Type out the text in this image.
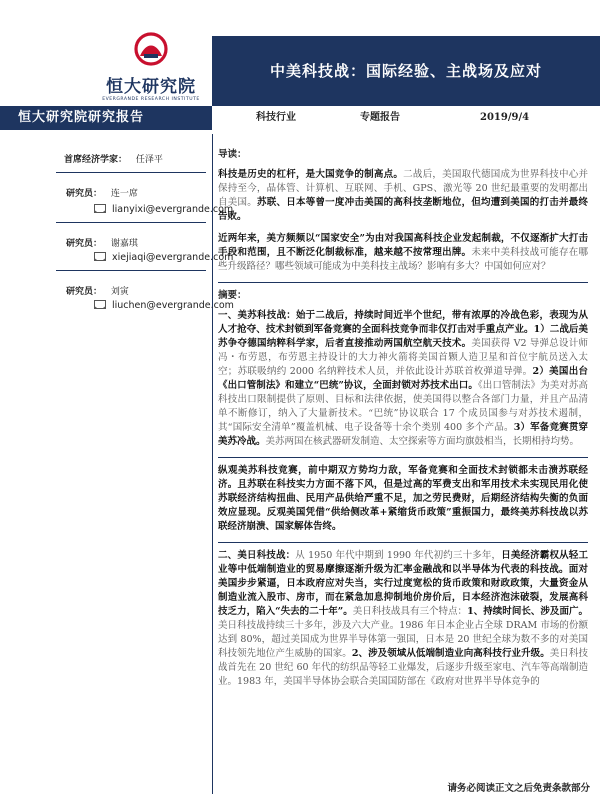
恒大研究院
EVERGRANDE RESEARCH INSTITUTE
中美科技战：国际经验、主战场及应对
恒大研究院研究报告	科技行业	专题报告	2019/9/4
首席经济学家： 任泽平
研究员： 连一席
lianyixi@evergrande.com
研究员： 谢嘉琪
xiejiaqi@evergrande.com
研究员： 刘寅
liuchen@evergrande.com

导读：

科技是历史的杠杆，是大国竞争的制高点。二战后，美国取代德国成为世界科技中心并保持至今，晶体管、计算机、互联网、手机、GPS、激光等 20 世纪最重要的发明都出自美国。苏联、日本等曾一度冲击美国的高科技垄断地位，但均遭到美国的打击并最终告败。

近两年来，美方频频以“国家安全”为由对我国高科技企业发起制裁，不仅逐渐扩大打击手段和范围，且不断泛化制裁标准，越来越不按常理出牌。未来中美科技战可能存在哪些升级路径？哪些领域可能成为中美科技主战场？影响有多大？中国如何应对？

摘要：

一、美苏科技战：始于二战后，持续时间近半个世纪，带有浓厚的冷战色彩，表现为从人才抢夺、技术封锁到军备竞赛的全面科技竞争而非仅打击对手重点产业。1）二战后美苏争夺德国纳粹科学家，后者直接推动两国航空航天技术。美国获得 V2 导弹总设计师冯・布劳恩，布劳恩主持设计的大力神火箭将美国首颗人造卫星和首位宇航员送入太空；苏联吸纳约 2000 名纳粹技术人员，并依此设计苏联首枚弹道导弹。2）美国出台《出口管制法》和建立“巴统”协议，全面封锁对苏技术出口。《出口管制法》为美对苏高科技出口限制提供了原则、目标和法律依据，使美国得以整合各部门力量，并且产品清单不断修订，纳入了大量新技术。“巴统”协议联合 17 个成员国参与对苏技术遏制，其“国际安全清单”覆盖机械、电子设备等十余个类别 400 多个产品。3）军备竞赛贯穿美苏冷战。美苏两国在核武器研发制造、太空探索等方面均旗鼓相当，长期相持均势。

纵观美苏科技竞赛，前中期双方势均力敌，军备竞赛和全面技术封锁都未击溃苏联经济。且苏联在科技实力方面不落下风，但是过高的军费支出和军用技术未实现民用化使苏联经济结构扭曲、民用产品供给严重不足，加之劳民费财，后期经济结构失衡的负面效应显现。反观美国凭借“供给侧改革+紧缩货币政策”重振国力，最终美苏科技战以苏联经济崩溃、国家解体告终。

二、美日科技战：从 1950 年代中期到 1990 年代初约三十多年，日美经济霸权从轻工业等中低端制造业的贸易摩擦逐渐升级为汇率金融战和以半导体为代表的科技战。面对美国步步紧逼，日本政府应对失当，实行过度宽松的货币政策和财政政策，大量资金从制造业流入股市、房市，而在紧急加息抑制地价房价后，日本经济泡沫破裂，发展高科技乏力，陷入“失去的二十年”。美日科技战具有三个特点：1、持续时间长、涉及面广。美日科技战持续三十多年，涉及六大产业。1986 年日本企业占全球 DRAM 市场的份额达到 80%，超过美国成为世界半导体第一强国，日本是 20 世纪全球为数不多的对美国科技领先地位产生威胁的国家。2、涉及领域从低端制造业向高科技行业升级。美日科技战首先在 20 世纪 60 年代的纺织品等轻工业爆发，后逐步升级至家电、汽车等高端制造业。1983 年，美国半导体协会联合美国国防部在《政府对世界半导体竞争的

请务必阅读正文之后免责条款部分
